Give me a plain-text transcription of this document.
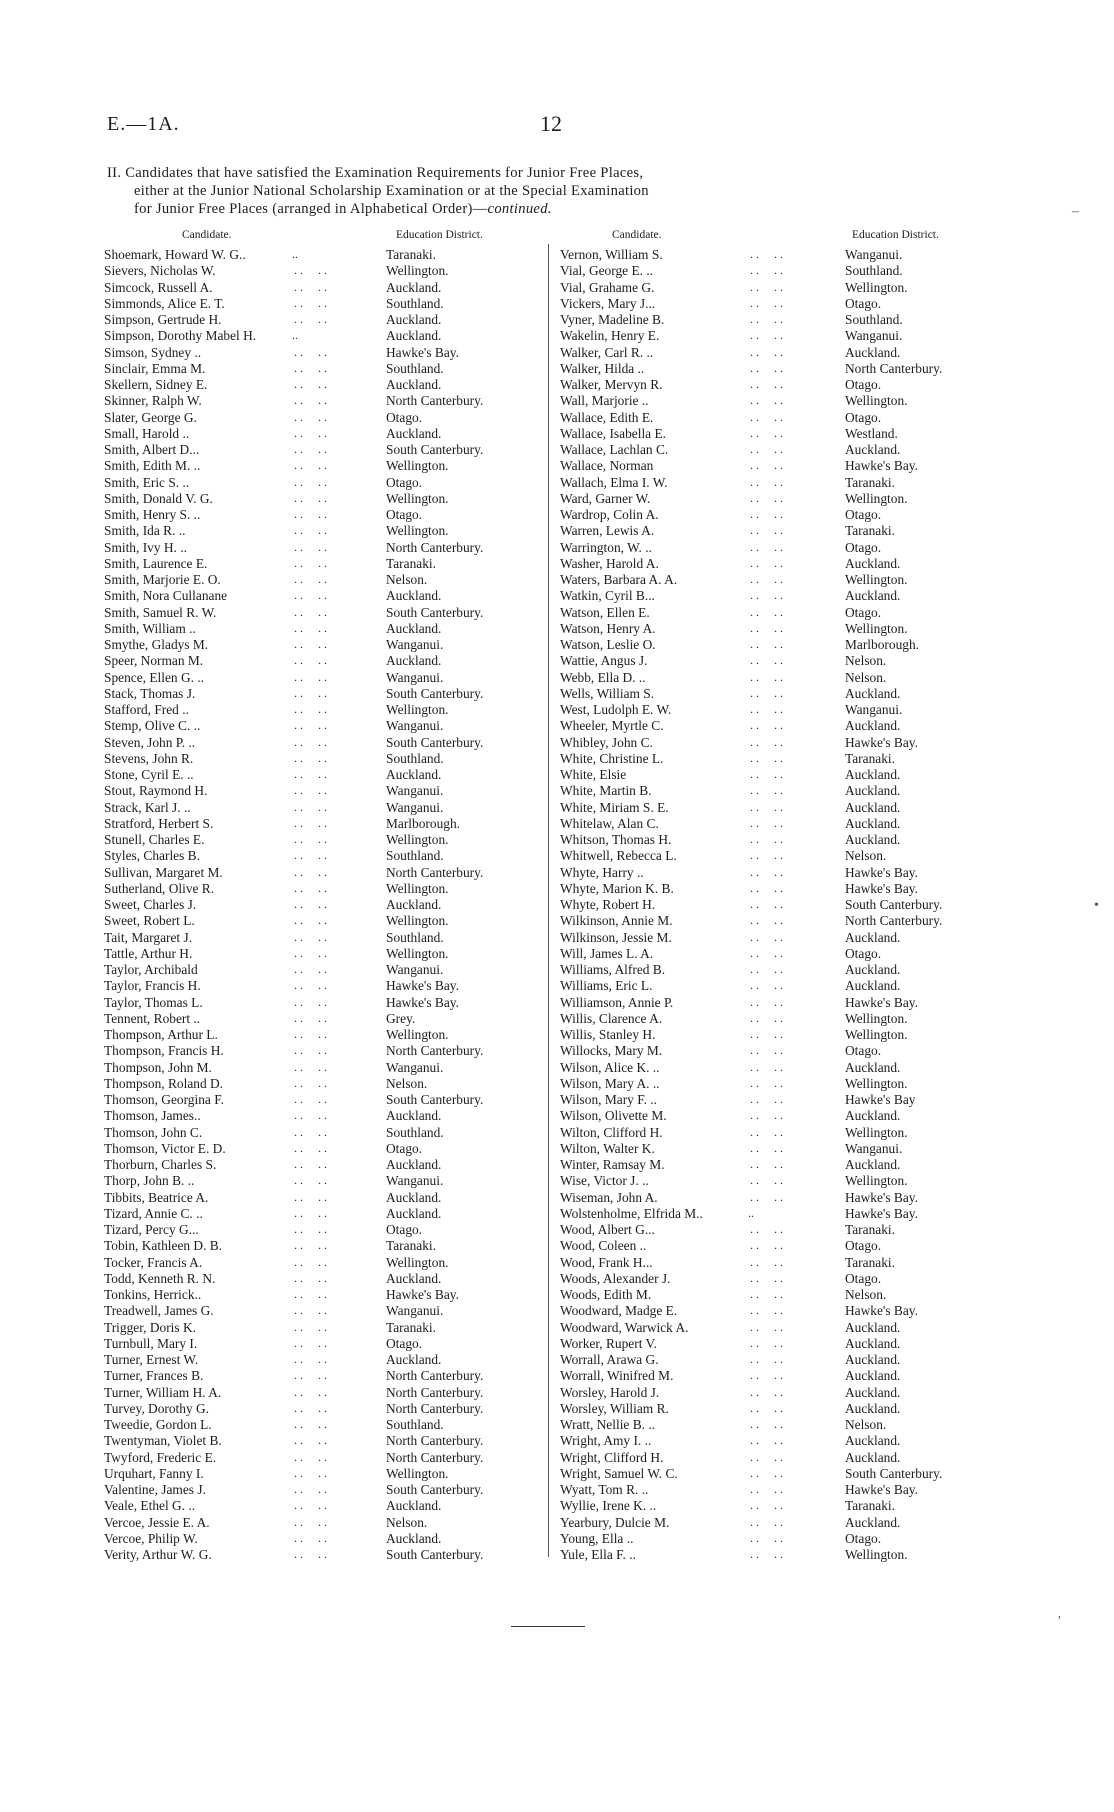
E.—1A.	12
II. Candidates that have satisfied the Examination Requirements for Junior Free Places,
either at the Junior National Scholarship Examination or at the Special Examination
for Junior Free Places (arranged in Alphabetical Order)—continued.
Candidate.	Education District.	Candidate.	Education District.
Shoemark, Howard W. G..	..	Taranaki.
Sievers, Nicholas W.	. .     . .	Wellington.
Simcock, Russell A.	. .     . .	Auckland.
Simmonds, Alice E. T.	. .     . .	Southland.
Simpson, Gertrude H.	. .     . .	Auckland.
Simpson, Dorothy Mabel H.	..	Auckland.
Simson, Sydney ..	. .     . .	Hawke's Bay.
Sinclair, Emma M.	. .     . .	Southland.
Skellern, Sidney E.	. .     . .	Auckland.
Skinner, Ralph W.	. .     . .	North Canterbury.
Slater, George G.	. .     . .	Otago.
Small, Harold ..	. .     . .	Auckland.
Smith, Albert D...	. .     . .	South Canterbury.
Smith, Edith M. ..	. .     . .	Wellington.
Smith, Eric S. ..	. .     . .	Otago.
Smith, Donald V. G.	. .     . .	Wellington.
Smith, Henry S. ..	. .     . .	Otago.
Smith, Ida R. ..	. .     . .	Wellington.
Smith, Ivy H. ..	. .     . .	North Canterbury.
Smith, Laurence E.	. .     . .	Taranaki.
Smith, Marjorie E. O.	. .     . .	Nelson.
Smith, Nora Cullanane	. .     . .	Auckland.
Smith, Samuel R. W.	. .     . .	South Canterbury.
Smith, William ..	. .     . .	Auckland.
Smythe, Gladys M.	. .     . .	Wanganui.
Speer, Norman M.	. .     . .	Auckland.
Spence, Ellen G. ..	. .     . .	Wanganui.
Stack, Thomas J.	. .     . .	South Canterbury.
Stafford, Fred ..	. .     . .	Wellington.
Stemp, Olive C. ..	. .     . .	Wanganui.
Steven, John P. ..	. .     . .	South Canterbury.
Stevens, John R.	. .     . .	Southland.
Stone, Cyril E. ..	. .     . .	Auckland.
Stout, Raymond H.	. .     . .	Wanganui.
Strack, Karl J. ..	. .     . .	Wanganui.
Stratford, Herbert S.	. .     . .	Marlborough.
Stunell, Charles E.	. .     . .	Wellington.
Styles, Charles B.	. .     . .	Southland.
Sullivan, Margaret M.	. .     . .	North Canterbury.
Sutherland, Olive R.	. .     . .	Wellington.
Sweet, Charles J.	. .     . .	Auckland.
Sweet, Robert L.	. .     . .	Wellington.
Tait, Margaret J.	. .     . .	Southland.
Tattle, Arthur H.	. .     . .	Wellington.
Taylor, Archibald	. .     . .	Wanganui.
Taylor, Francis H.	. .     . .	Hawke's Bay.
Taylor, Thomas L.	. .     . .	Hawke's Bay.
Tennent, Robert ..	. .     . .	Grey.
Thompson, Arthur L.	. .     . .	Wellington.
Thompson, Francis H.	. .     . .	North Canterbury.
Thompson, John M.	. .     . .	Wanganui.
Thompson, Roland D.	. .     . .	Nelson.
Thomson, Georgina F.	. .     . .	South Canterbury.
Thomson, James..	. .     . .	Auckland.
Thomson, John C.	. .     . .	Southland.
Thomson, Victor E. D.	. .     . .	Otago.
Thorburn, Charles S.	. .     . .	Auckland.
Thorp, John B. ..	. .     . .	Wanganui.
Tibbits, Beatrice A.	. .     . .	Auckland.
Tizard, Annie C. ..	. .     . .	Auckland.
Tizard, Percy G...	. .     . .	Otago.
Tobin, Kathleen D. B.	. .     . .	Taranaki.
Tocker, Francis A.	. .     . .	Wellington.
Todd, Kenneth R. N.	. .     . .	Auckland.
Tonkins, Herrick..	. .     . .	Hawke's Bay.
Treadwell, James G.	. .     . .	Wanganui.
Trigger, Doris K.	. .     . .	Taranaki.
Turnbull, Mary I.	. .     . .	Otago.
Turner, Ernest W.	. .     . .	Auckland.
Turner, Frances B.	. .     . .	North Canterbury.
Turner, William H. A.	. .     . .	North Canterbury.
Turvey, Dorothy G.	. .     . .	North Canterbury.
Tweedie, Gordon L.	. .     . .	Southland.
Twentyman, Violet B.	. .     . .	North Canterbury.
Twyford, Frederic E.	. .     . .	North Canterbury.
Urquhart, Fanny I.	. .     . .	Wellington.
Valentine, James J.	. .     . .	South Canterbury.
Veale, Ethel G. ..	. .     . .	Auckland.
Vercoe, Jessie E. A.	. .     . .	Nelson.
Vercoe, Philip W.	. .     . .	Auckland.
Verity, Arthur W. G.	. .     . .	South Canterbury.
Vernon, William S.	. .     . .	Wanganui.
Vial, George E. ..	. .     . .	Southland.
Vial, Grahame G.	. .     . .	Wellington.
Vickers, Mary J...	. .     . .	Otago.
Vyner, Madeline B.	. .     . .	Southland.
Wakelin, Henry E.	. .     . .	Wanganui.
Walker, Carl R. ..	. .     . .	Auckland.
Walker, Hilda ..	. .     . .	North Canterbury.
Walker, Mervyn R.	. .     . .	Otago.
Wall, Marjorie ..	. .     . .	Wellington.
Wallace, Edith E.	. .     . .	Otago.
Wallace, Isabella E.	. .     . .	Westland.
Wallace, Lachlan C.	. .     . .	Auckland.
Wallace, Norman	. .     . .	Hawke's Bay.
Wallach, Elma I. W.	. .     . .	Taranaki.
Ward, Garner W.	. .     . .	Wellington.
Wardrop, Colin A.	. .     . .	Otago.
Warren, Lewis A.	. .     . .	Taranaki.
Warrington, W. ..	. .     . .	Otago.
Washer, Harold A.	. .     . .	Auckland.
Waters, Barbara A. A.	. .     . .	Wellington.
Watkin, Cyril B...	. .     . .	Auckland.
Watson, Ellen E.	. .     . .	Otago.
Watson, Henry A.	. .     . .	Wellington.
Watson, Leslie O.	. .     . .	Marlborough.
Wattie, Angus J.	. .     . .	Nelson.
Webb, Ella D. ..	. .     . .	Nelson.
Wells, William S.	. .     . .	Auckland.
West, Ludolph E. W.	. .     . .	Wanganui.
Wheeler, Myrtle C.	. .     . .	Auckland.
Whibley, John C.	. .     . .	Hawke's Bay.
White, Christine L.	. .     . .	Taranaki.
White, Elsie	. .     . .	Auckland.
White, Martin B.	. .     . .	Auckland.
White, Miriam S. E.	. .     . .	Auckland.
Whitelaw, Alan C.	. .     . .	Auckland.
Whitson, Thomas H.	. .     . .	Auckland.
Whitwell, Rebecca L.	. .     . .	Nelson.
Whyte, Harry ..	. .     . .	Hawke's Bay.
Whyte, Marion K. B.	. .     . .	Hawke's Bay.
Whyte, Robert H.	. .     . .	South Canterbury.
Wilkinson, Annie M.	. .     . .	North Canterbury.
Wilkinson, Jessie M.	. .     . .	Auckland.
Will, James L. A.	. .     . .	Otago.
Williams, Alfred B.	. .     . .	Auckland.
Williams, Eric L.	. .     . .	Auckland.
Williamson, Annie P.	. .     . .	Hawke's Bay.
Willis, Clarence A.	. .     . .	Wellington.
Willis, Stanley H.	. .     . .	Wellington.
Willocks, Mary M.	. .     . .	Otago.
Wilson, Alice K. ..	. .     . .	Auckland.
Wilson, Mary A. ..	. .     . .	Wellington.
Wilson, Mary F. ..	. .     . .	Hawke's Bay
Wilson, Olivette M.	. .     . .	Auckland.
Wilton, Clifford H.	. .     . .	Wellington.
Wilton, Walter K.	. .     . .	Wanganui.
Winter, Ramsay M.	. .     . .	Auckland.
Wise, Victor J. ..	. .     . .	Wellington.
Wiseman, John A.	. .     . .	Hawke's Bay.
Wolstenholme, Elfrida M..	..	Hawke's Bay.
Wood, Albert G...	. .     . .	Taranaki.
Wood, Coleen ..	. .     . .	Otago.
Wood, Frank H...	. .     . .	Taranaki.
Woods, Alexander J.	. .     . .	Otago.
Woods, Edith M.	. .     . .	Nelson.
Woodward, Madge E.	. .     . .	Hawke's Bay.
Woodward, Warwick A.	. .     . .	Auckland.
Worker, Rupert V.	. .     . .	Auckland.
Worrall, Arawa G.	. .     . .	Auckland.
Worrall, Winifred M.	. .     . .	Auckland.
Worsley, Harold J.	. .     . .	Auckland.
Worsley, William R.	. .     . .	Auckland.
Wratt, Nellie B. ..	. .     . .	Nelson.
Wright, Amy I. ..	. .     . .	Auckland.
Wright, Clifford H.	. .     . .	Auckland.
Wright, Samuel W. C.	. .     . .	South Canterbury.
Wyatt, Tom R. ..	. .     . .	Hawke's Bay.
Wyllie, Irene K. ..	. .     . .	Taranaki.
Yearbury, Dulcie M.	. .     . .	Auckland.
Young, Ella ..	. .     . .	Otago.
Yule, Ella F. ..	. .     . .	Wellington.
–
•
′
